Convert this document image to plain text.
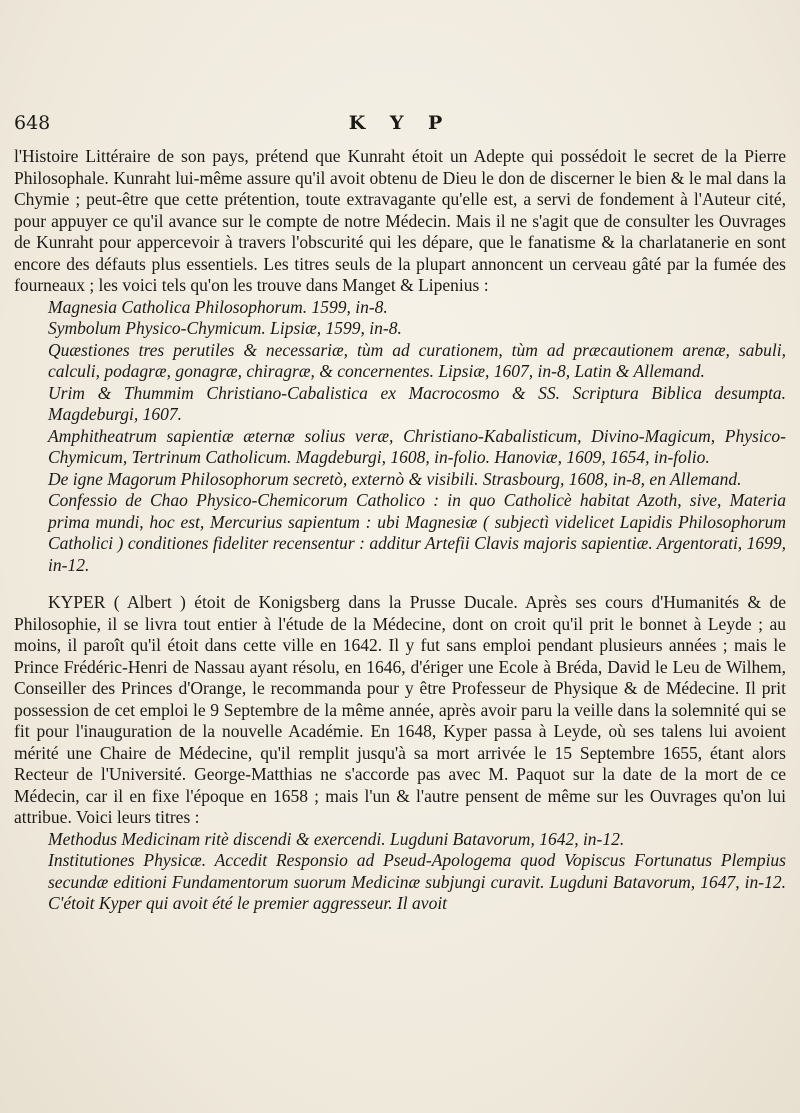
648	K Y P

l'Histoire Littéraire de son pays, prétend que Kunraht étoit un Adepte qui possédoit le secret de la Pierre Philosophale. Kunraht lui-même assure qu'il avoit obtenu de Dieu le don de discerner le bien & le mal dans la Chymie ; peut-être que cette prétention, toute extravagante qu'elle est, a servi de fondement à l'Auteur cité, pour appuyer ce qu'il avance sur le compte de notre Médecin. Mais il ne s'agit que de consulter les Ouvrages de Kunraht pour appercevoir à travers l'obscurité qui les dépare, que le fanatisme & la charlatanerie en sont encore des défauts plus essentiels. Les titres seuls de la plupart annoncent un cerveau gâté par la fumée des fourneaux ; les voici tels qu'on les trouve dans Manget & Lipenius :

Magnesia Catholica Philosophorum. 1599, in-8.

Symbolum Physico-Chymicum. Lipsiæ, 1599, in-8.

Quæstiones tres perutiles & necessariæ, tùm ad curationem, tùm ad præcautionem arenæ, sabuli, calculi, podagræ, gonagræ, chiragræ, & concernentes. Lipsiæ, 1607, in-8, Latin & Allemand.

Urim & Thummim Christiano-Cabalistica ex Macrocosmo & SS. Scriptura Biblica desumpta. Magdeburgi, 1607.

Amphitheatrum sapientiæ æternæ solius veræ, Christiano-Kabalisticum, Divino-Magicum, Physico-Chymicum, Tertrinum Catholicum. Magdeburgi, 1608, in-folio. Hanoviæ, 1609, 1654, in-folio.

De igne Magorum Philosophorum secretò, externò & visibili. Strasbourg, 1608, in-8, en Allemand.

Confessio de Chao Physico-Chemicorum Catholico : in quo Catholicè habitat Azoth, sive, Materia prima mundi, hoc est, Mercurius sapientum : ubi Magnesiæ ( subjectì videlicet Lapidis Philosophorum Catholici ) conditiones fideliter recensentur : additur Artefii Clavis majoris sapientiæ. Argentorati, 1699, in-12.

KYPER ( Albert ) étoit de Konigsberg dans la Prusse Ducale. Après ses cours d'Humanités & de Philosophie, il se livra tout entier à l'étude de la Médecine, dont on croit qu'il prit le bonnet à Leyde ; au moins, il paroît qu'il étoit dans cette ville en 1642. Il y fut sans emploi pendant plusieurs années ; mais le Prince Frédéric-Henri de Nassau ayant résolu, en 1646, d'ériger une Ecole à Bréda, David le Leu de Wilhem, Conseiller des Princes d'Orange, le recommanda pour y être Professeur de Physique & de Médecine. Il prit possession de cet emploi le 9 Septembre de la même année, après avoir paru la veille dans la solemnité qui se fit pour l'inauguration de la nouvelle Académie. En 1648, Kyper passa à Leyde, où ses talens lui avoient mérité une Chaire de Médecine, qu'il remplit jusqu'à sa mort arrivée le 15 Septembre 1655, étant alors Recteur de l'Université. George-Matthias ne s'accorde pas avec M. Paquot sur la date de la mort de ce Médecin, car il en fixe l'époque en 1658 ; mais l'un & l'autre pensent de même sur les Ouvrages qu'on lui attribue. Voici leurs titres :

Methodus Medicinam ritè discendi & exercendi. Lugduni Batavorum, 1642, in-12.

Institutiones Physicæ. Accedit Responsio ad Pseud-Apologema quod Vopiscus Fortunatus Plempius secundæ editioni Fundamentorum suorum Medicinæ subjungi curavit. Lugduni Batavorum, 1647, in-12. C'étoit Kyper qui avoit été le premier aggresseur. Il avoit
